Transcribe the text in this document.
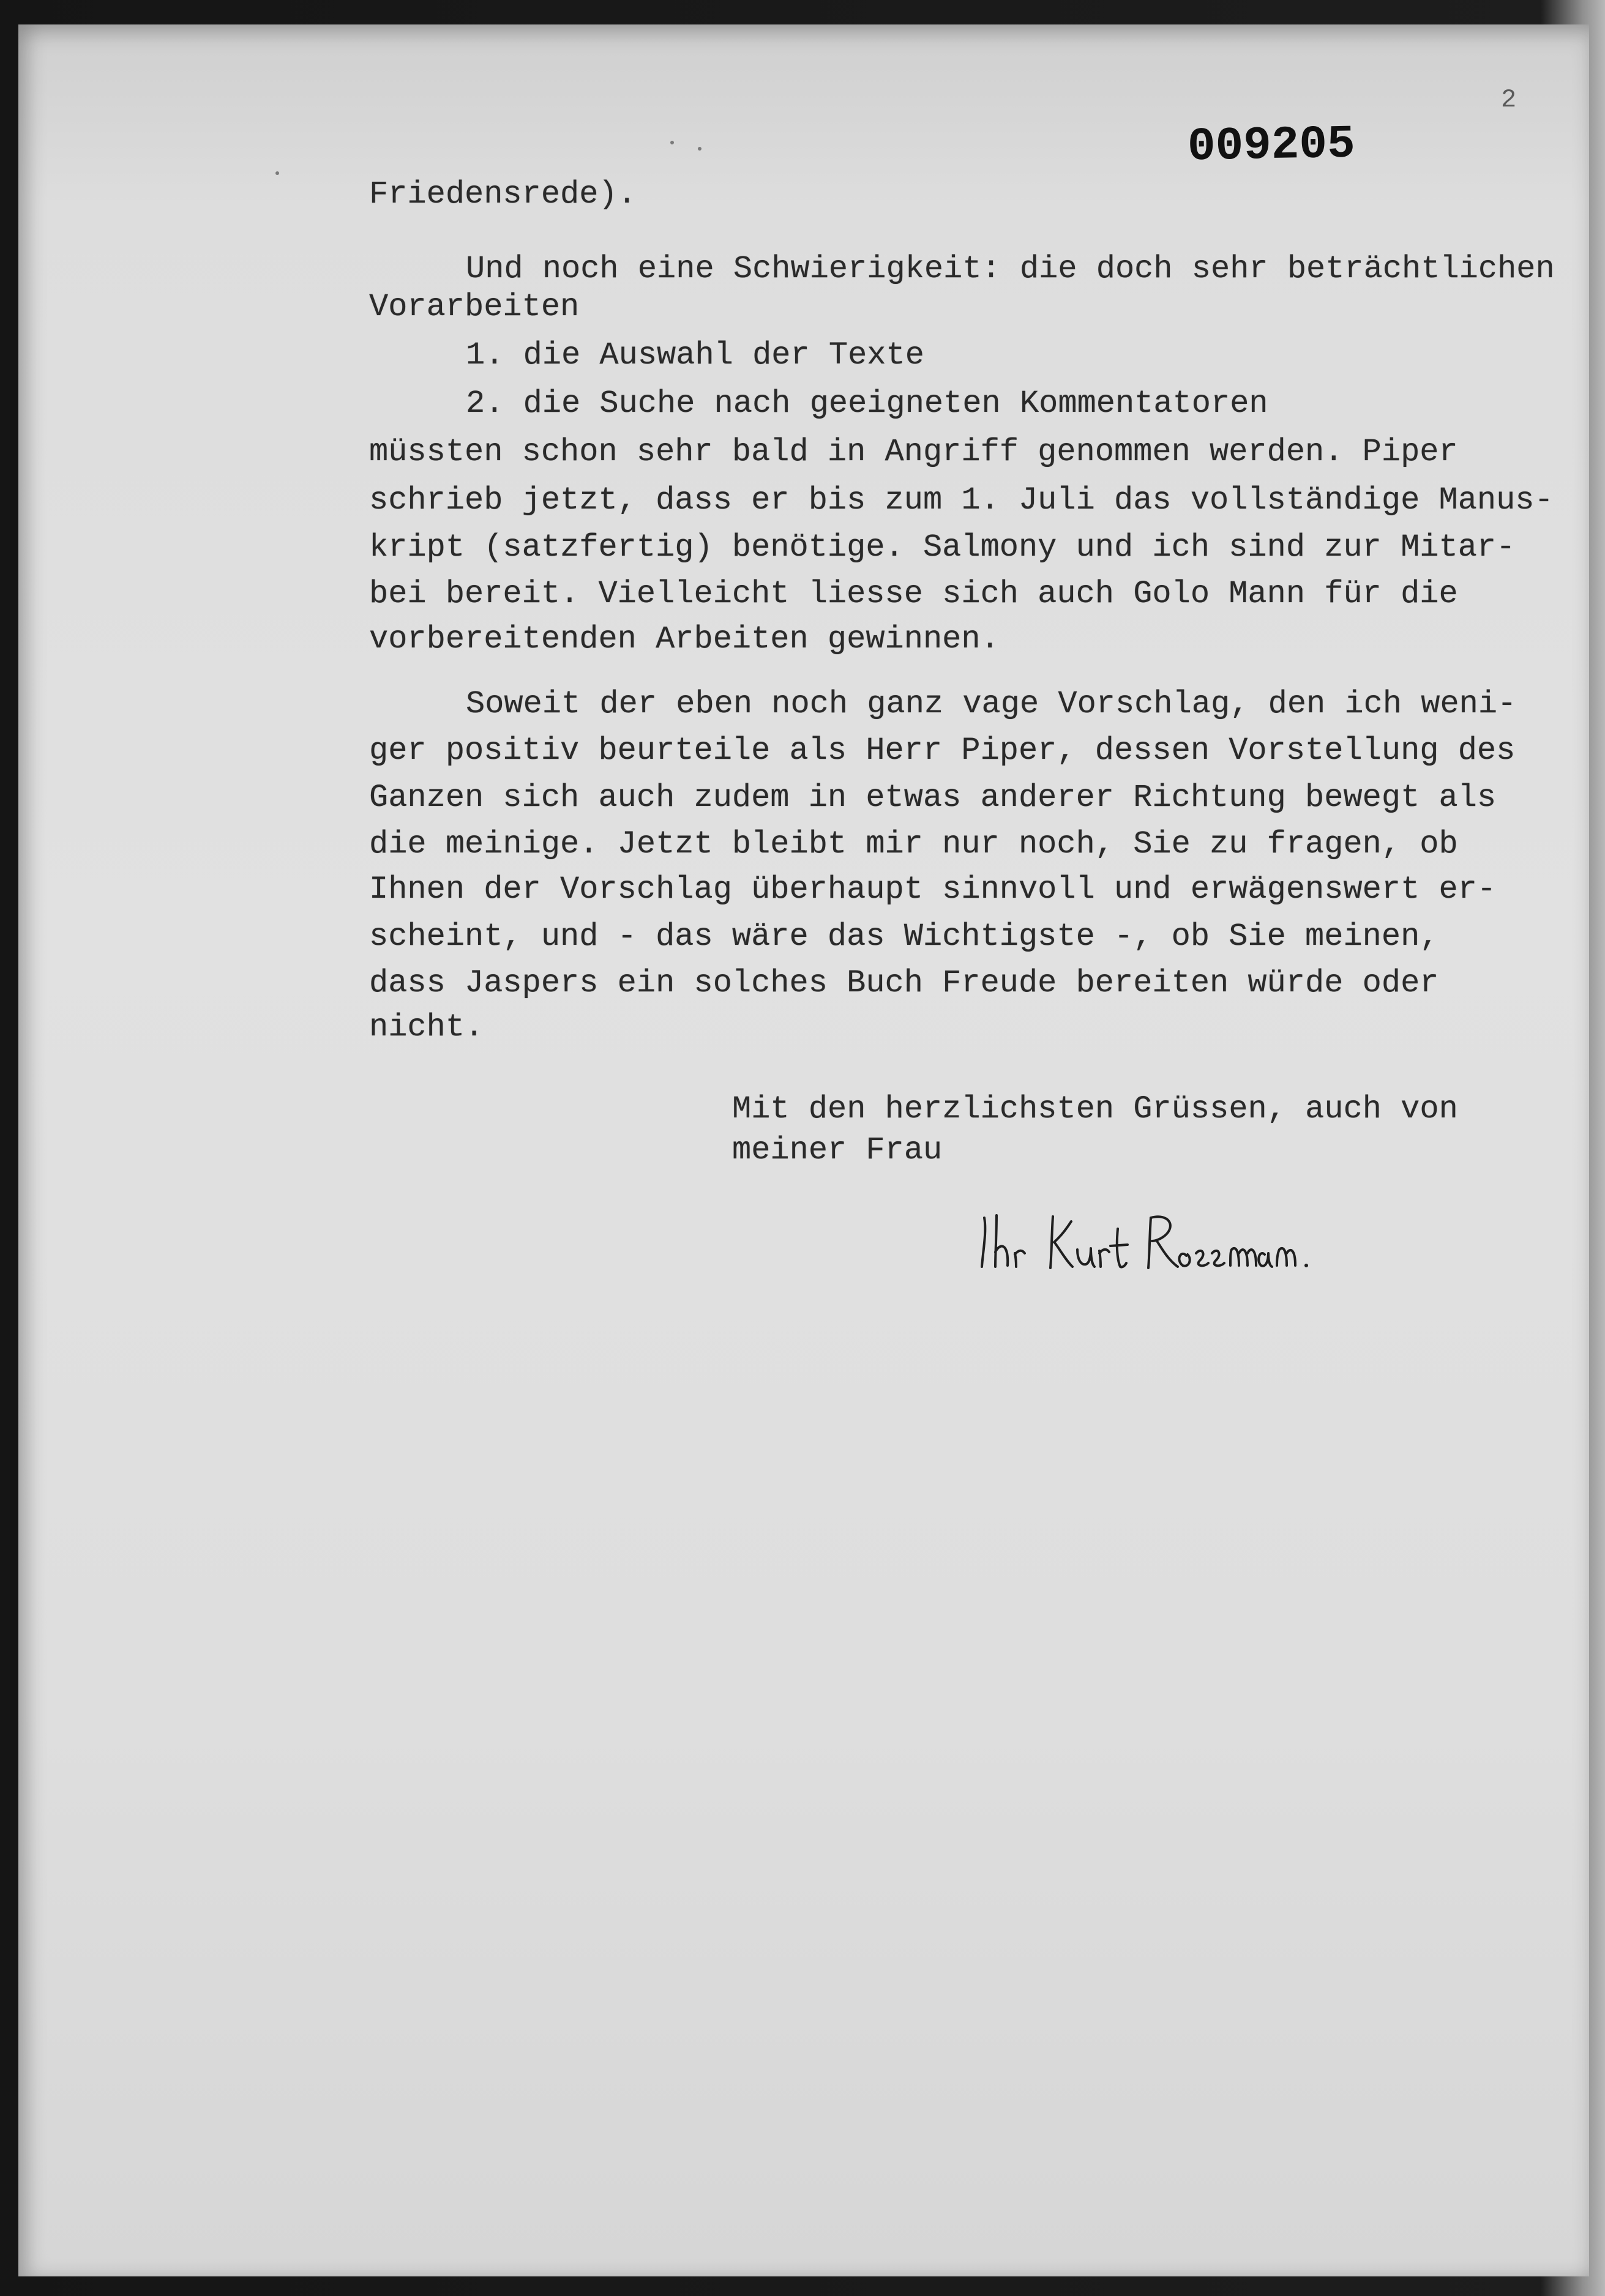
2
009205

Friedensrede).

Und noch eine Schwierigkeit: die doch sehr beträchtlichen

Vorarbeiten

1. die Auswahl der Texte

2. die Suche nach geeigneten Kommentatoren

müssten schon sehr bald in Angriff genommen werden. Piper

schrieb jetzt, dass er bis zum 1. Juli das vollständige Manus-

kript (satzfertig) benötige. Salmony und ich sind zur Mitar-

bei bereit. Vielleicht liesse sich auch Golo Mann für die

vorbereitenden Arbeiten gewinnen.

Soweit der eben noch ganz vage Vorschlag, den ich weni-

ger positiv beurteile als Herr Piper, dessen Vorstellung des

Ganzen sich auch zudem in etwas anderer Richtung bewegt als

die meinige. Jetzt bleibt mir nur noch, Sie zu fragen, ob

Ihnen der Vorschlag überhaupt sinnvoll und erwägenswert er-

scheint, und - das wäre das Wichtigste -, ob Sie meinen,

dass Jaspers ein solches Buch Freude bereiten würde oder

nicht.

Mit den herzlichsten Grüssen, auch von

meiner Frau
